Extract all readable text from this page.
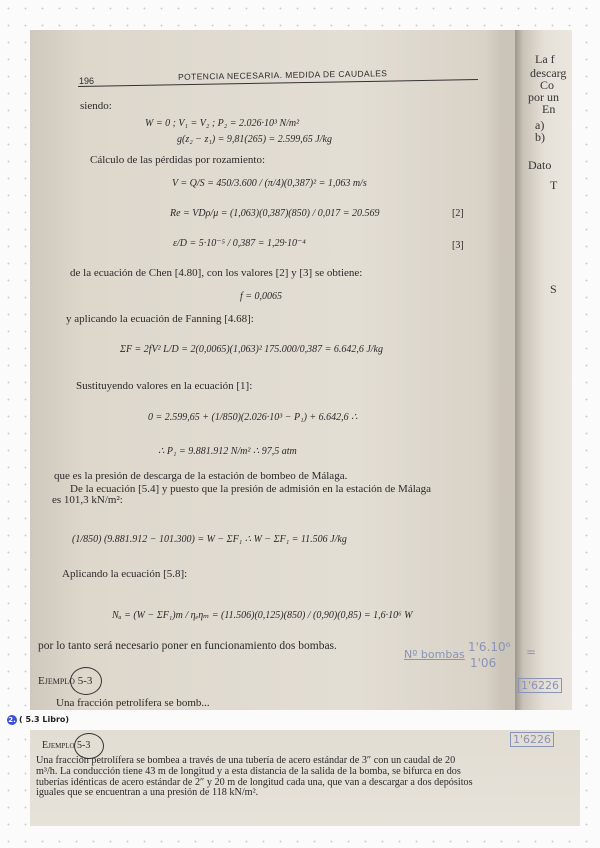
196	POTENCIA NECESARIA. MEDIDA DE CAUDALES
siendo:
W = 0 ; V₁ = V₂ ; P₂ = 2.026·10³ N/m²
g(z₂ − z₁) = 9,81(265) = 2.599,65 J/kg
Cálculo de las pérdidas por rozamiento:
V = Q/S = 450/3.600 / (π/4)(0,387)² = 1,063 m/s
Re = VDρ/μ = (1,063)(0,387)(850) / 0,017 = 20.569	[2]
ε/D = 5·10⁻⁵ / 0,387 = 1,29·10⁻⁴	[3]
de la ecuación de Chen [4.80], con los valores [2] y [3] se obtiene:
f = 0,0065
y aplicando la ecuación de Fanning [4.68]:
ΣF = 2fV² L/D = 2(0,0065)(1,063)² 175.000/0,387 = 6.642,6 J/kg
Sustituyendo valores en la ecuación [1]:
0 = 2.599,65 + (1/850)(2.026·10³ − P₁) + 6.642,6 ∴
∴ P₁ = 9.881.912 N/m² ∴ 97,5 atm
que es la presión de descarga de la estación de bombeo de Málaga.
De la ecuación [5.4] y puesto que la presión de admisión en la estación de Málaga
es 101,3 kN/m²:
(1/850) (9.881.912 − 101.300) = W − ΣF₁ ∴ W − ΣF₁ = 11.506 J/kg
Aplicando la ecuación [5.8]:
Nₐ = (W − ΣF₁)m / ηₑηₘ = (11.506)(0,125)(850) / (0,90)(0,85) = 1,6·10⁶ W
por lo tanto será necesario poner en funcionamiento dos bombas.
Nº bombas
1'6.10⁶
1'06
=
1'6226
Ejemplo 5-3
Una fracción petrolífera se bomb...
La f
descarg
Co
por un
En
a)
b)
Dato
T
S
2. ( 5.3 Libro)
Ejemplo 5-3	1'6226
Una fracción petrolífera se bombea a través de una tubería de acero estándar de 3″ con un caudal de 20 m³/h. La conducción tiene 43 m de longitud y a esta distancia de la salida de la bomba, se bifurca en dos tuberías idénticas de acero estándar de 2″ y 20 m de longitud cada una, que van a descargar a dos depósitos iguales que se encuentran a una presión de 118 kN/m².
